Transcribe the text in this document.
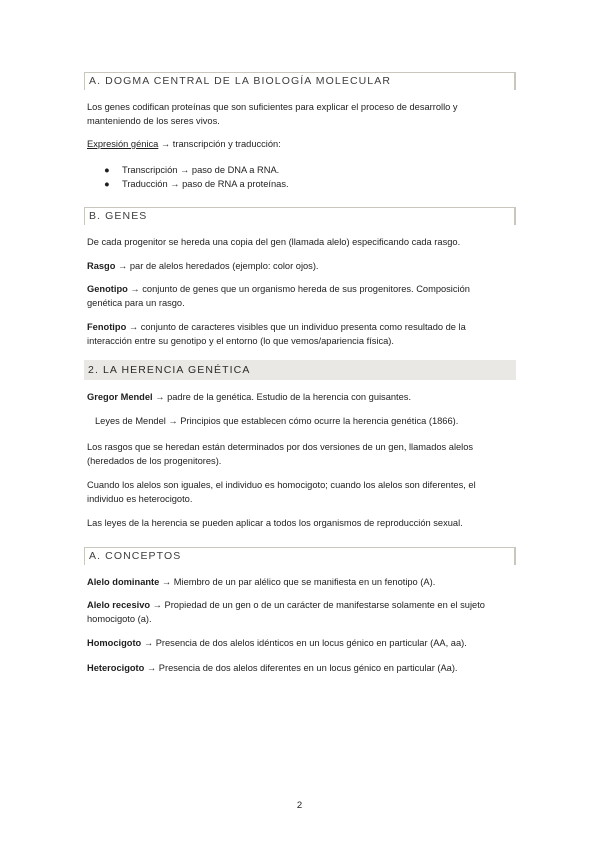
A. DOGMA CENTRAL DE LA BIOLOGÍA MOLECULAR
Los genes codifican proteínas que son suficientes para explicar el proceso de desarrollo y manteniendo de los seres vivos.
Expresión génica → transcripción y traducción:
● Transcripción → paso de DNA a RNA.
● Traducción → paso de RNA a proteínas.
B. GENES
De cada progenitor se hereda una copia del gen (llamada alelo) especificando cada rasgo.
Rasgo → par de alelos heredados (ejemplo: color ojos).
Genotipo → conjunto de genes que un organismo hereda de sus progenitores. Composición genética para un rasgo.
Fenotipo → conjunto de caracteres visibles que un individuo presenta como resultado de la interacción entre su genotipo y el entorno (lo que vemos/apariencia física).
2. LA HERENCIA GENÉTICA
Gregor Mendel → padre de la genética. Estudio de la herencia con guisantes.
Leyes de Mendel → Principios que establecen cómo ocurre la herencia genética (1866).
Los rasgos que se heredan están determinados por dos versiones de un gen, llamados alelos (heredados de los progenitores).
Cuando los alelos son iguales, el individuo es homocigoto; cuando los alelos son diferentes, el individuo es heterocigoto.
Las leyes de la herencia se pueden aplicar a todos los organismos de reproducción sexual.
A. CONCEPTOS
Alelo dominante → Miembro de un par alélico que se manifiesta en un fenotipo (A).
Alelo recesivo → Propiedad de un gen o de un carácter de manifestarse solamente en el sujeto homocigoto (a).
Homocigoto → Presencia de dos alelos idénticos en un locus génico en particular (AA, aa).
Heterocigoto → Presencia de dos alelos diferentes en un locus génico en particular (Aa).
2
